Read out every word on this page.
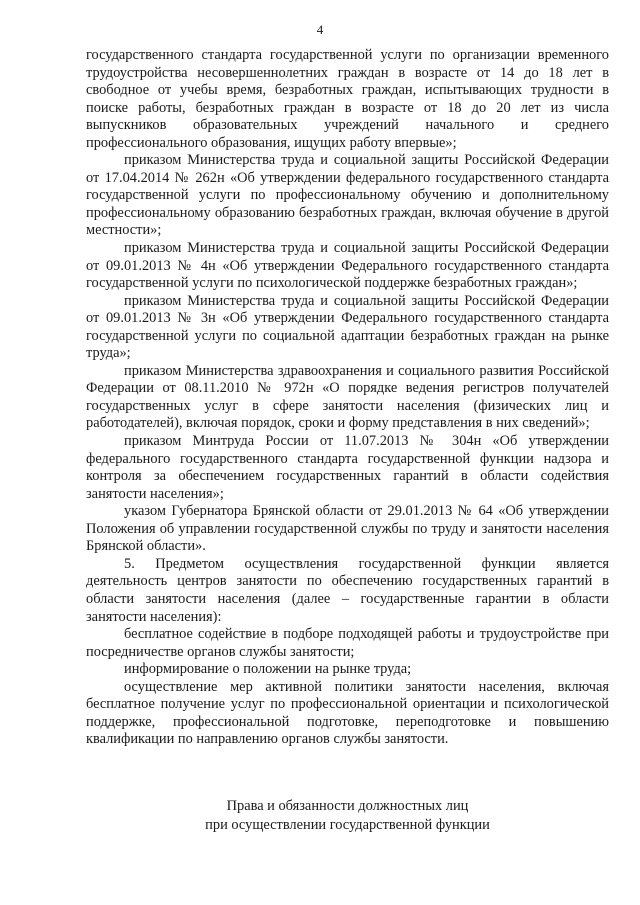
4

государственного стандарта государственной услуги по организации временного трудоустройства несовершеннолетних граждан в возрасте от 14 до 18 лет в свободное от учебы время, безработных граждан, испытывающих трудности в поиске работы, безработных граждан в возрасте от 18 до 20 лет из числа выпускников образовательных учреждений начального и среднего профессионального образования, ищущих работу впервые»;

приказом Министерства труда и социальной защиты Российской Федерации от 17.04.2014 № 262н «Об утверждении федерального государственного стандарта государственной услуги по профессиональному обучению и дополнительному профессиональному образованию безработных граждан, включая обучение в другой местности»;

приказом Министерства труда и социальной защиты Российской Федерации от 09.01.2013 № 4н «Об утверждении Федерального государственного стандарта государственной услуги по психологической поддержке безработных граждан»;

приказом Министерства труда и социальной защиты Российской Федерации от 09.01.2013 № 3н «Об утверждении Федерального государственного стандарта государственной услуги по социальной адаптации безработных граждан на рынке труда»;

приказом Министерства здравоохранения и социального развития Российской Федерации от 08.11.2010 № 972н «О порядке ведения регистров получателей государственных услуг в сфере занятости населения (физических лиц и работодателей), включая порядок, сроки и форму представления в них сведений»;

приказом Минтруда России от 11.07.2013 № 304н «Об утверждении федерального государственного стандарта государственной функции надзора и контроля за обеспечением государственных гарантий в области содействия занятости населения»;

указом Губернатора Брянской области от 29.01.2013 № 64 «Об утверждении Положения об управлении государственной службы по труду и занятости населения Брянской области».

5. Предметом осуществления государственной функции является деятельность центров занятости по обеспечению государственных гарантий в области занятости населения (далее – государственные гарантии в области занятости населения):

бесплатное содействие в подборе подходящей работы и трудоустройстве при посредничестве органов службы занятости;

информирование о положении на рынке труда;

осуществление мер активной политики занятости населения, включая бесплатное получение услуг по профессиональной ориентации и психологической поддержке, профессиональной подготовке, переподготовке и повышению квалификации по направлению органов службы занятости.

Права и обязанности должностных лиц
при осуществлении государственной функции
